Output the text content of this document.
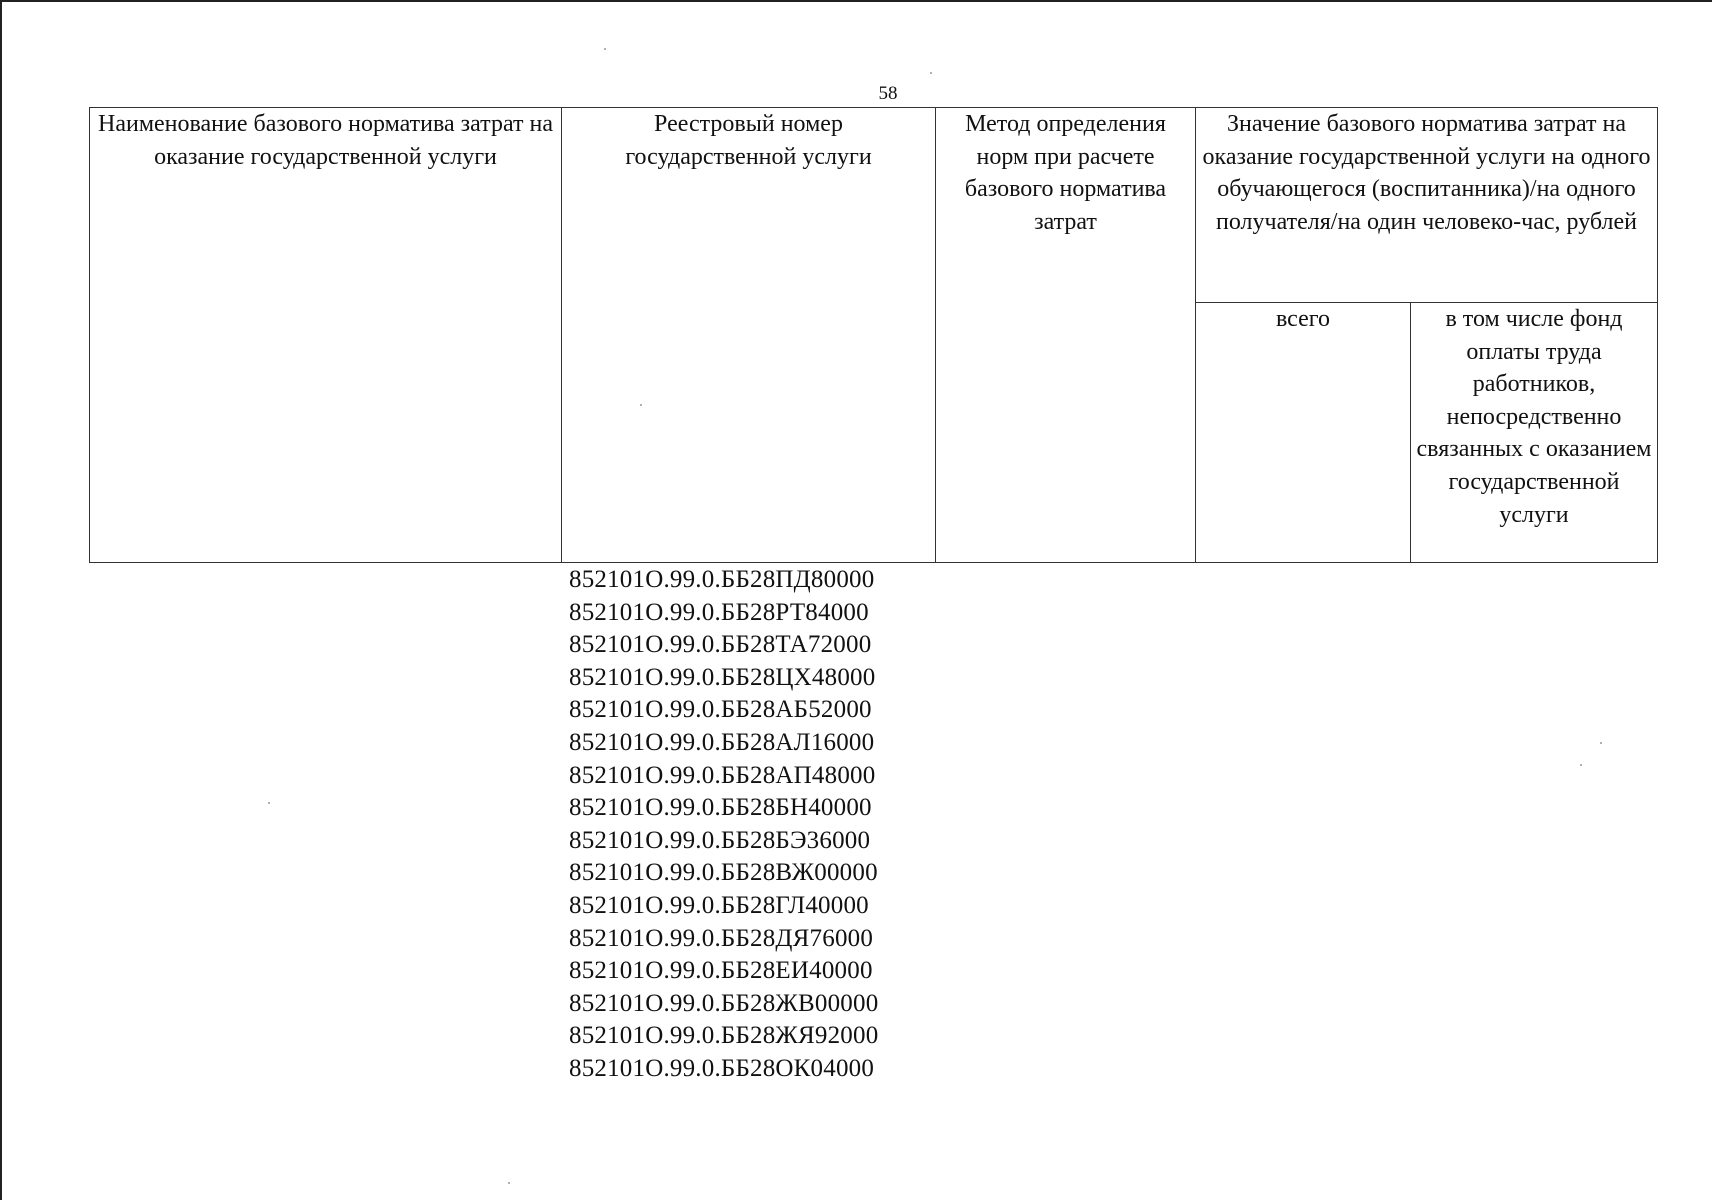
58
Наименование базового норматива затрат на оказание государственной услуги	Реестровый номер государственной услуги	Метод определения норм при расчете базового норматива затрат	Значение базового норматива затрат на оказание государственной услуги на одного обучающегося (воспитанника)/на одного получателя/на один человеко-час, рублей	
			всего	в том числе фонд оплаты труда работников, непосредственно связанных с оказанием государственной услуги
852101О.99.0.ББ28ПД80000
852101О.99.0.ББ28РТ84000
852101О.99.0.ББ28ТА72000
852101О.99.0.ББ28ЦХ48000
852101О.99.0.ББ28АБ52000
852101О.99.0.ББ28АЛ16000
852101О.99.0.ББ28АП48000
852101О.99.0.ББ28БН40000
852101О.99.0.ББ28БЭ36000
852101О.99.0.ББ28ВЖ00000
852101О.99.0.ББ28ГЛ40000
852101О.99.0.ББ28ДЯ76000
852101О.99.0.ББ28ЕИ40000
852101О.99.0.ББ28ЖВ00000
852101О.99.0.ББ28ЖЯ92000
852101О.99.0.ББ28ОК04000
